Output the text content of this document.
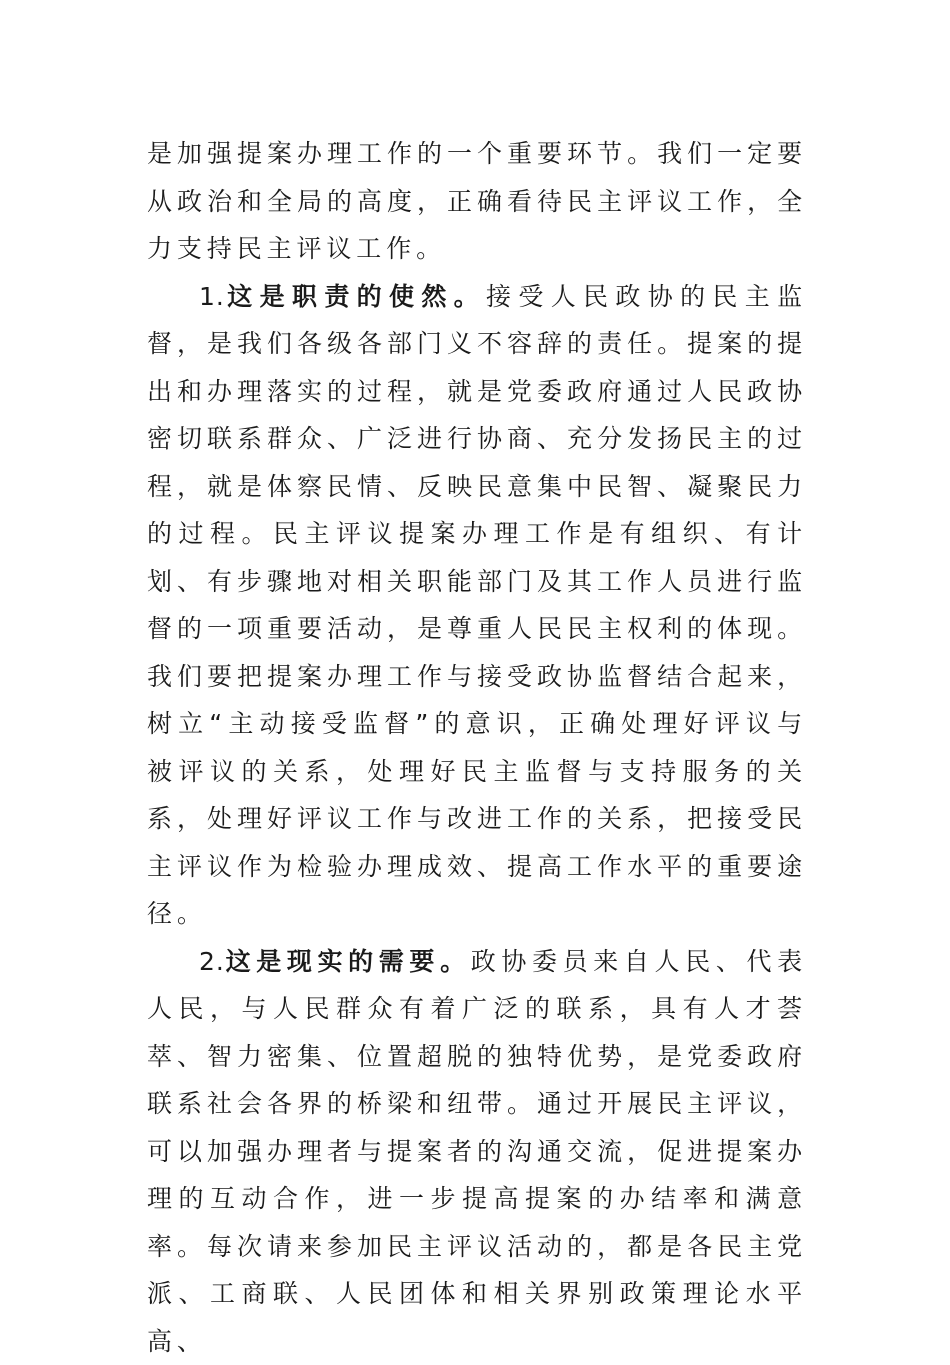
是加强提案办理工作的一个重要环节。我们一定要从政治和全局的高度，正确看待民主评议工作，全力支持民主评议工作。

1.这是职责的使然。接受人民政协的民主监督，是我们各级各部门义不容辞的责任。提案的提出和办理落实的过程，就是党委政府通过人民政协密切联系群众、广泛进行协商、充分发扬民主的过程，就是体察民情、反映民意集中民智、凝聚民力的过程。民主评议提案办理工作是有组织、有计划、有步骤地对相关职能部门及其工作人员进行监督的一项重要活动，是尊重人民民主权利的体现。我们要把提案办理工作与接受政协监督结合起来，树立“主动接受监督”的意识，正确处理好评议与被评议的关系，处理好民主监督与支持服务的关系，处理好评议工作与改进工作的关系，把接受民主评议作为检验办理成效、提高工作水平的重要途径。

2.这是现实的需要。政协委员来自人民、代表人民，与人民群众有着广泛的联系，具有人才荟萃、智力密集、位置超脱的独特优势，是党委政府联系社会各界的桥梁和纽带。通过开展民主评议，可以加强办理者与提案者的沟通交流，促进提案办理的互动合作，进一步提高提案的办结率和满意率。每次请来参加民主评议活动的，都是各民主党派、工商联、人民团体和相关界别政策理论水平高、
